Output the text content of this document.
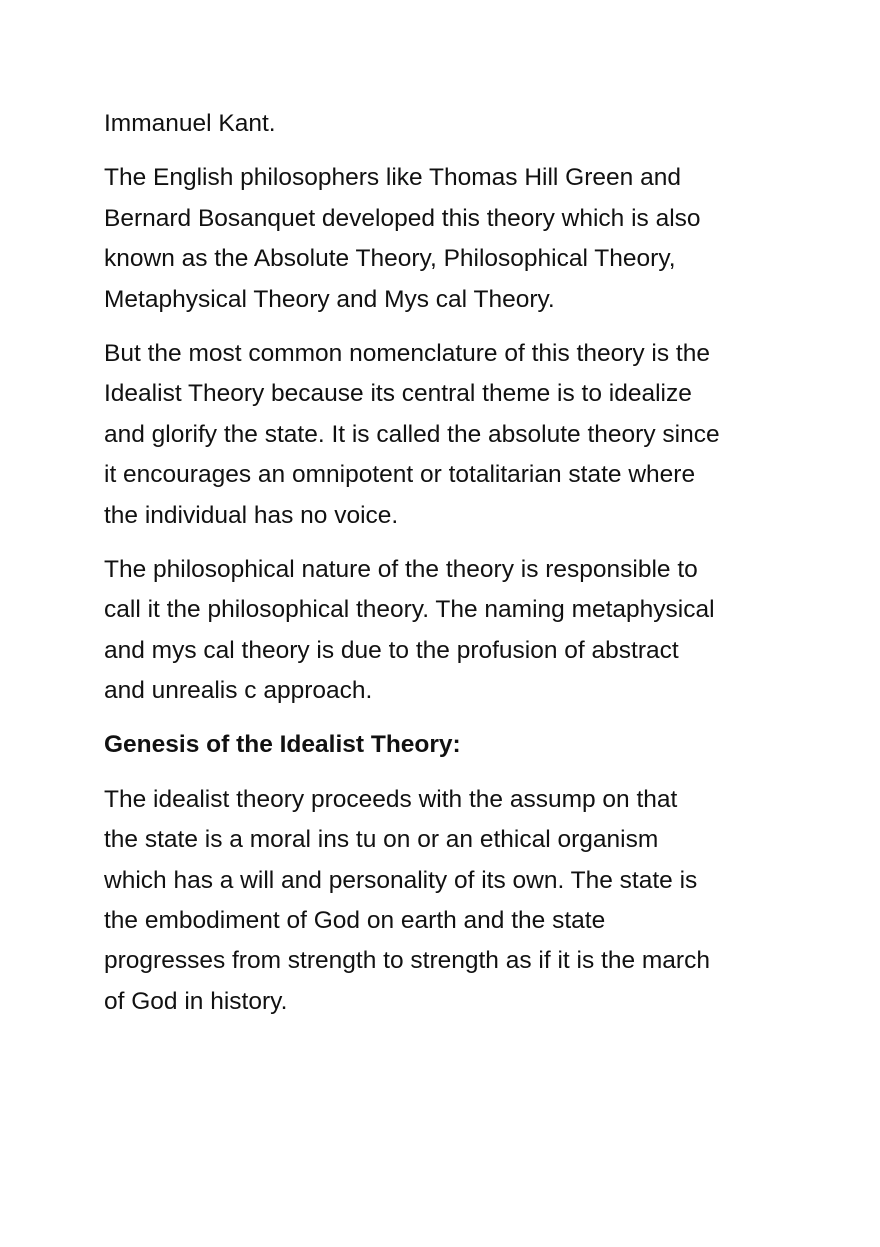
Immanuel Kant.

The English philosophers like Thomas Hill Green and
Bernard Bosanquet developed this theory which is also
known as the Absolute Theory, Philosophical Theory,
Metaphysical Theory and Mys cal Theory.

But the most common nomenclature of this theory is the
Idealist Theory because its central theme is to idealize
and glorify the state. It is called the absolute theory since
it encourages an omnipotent or totalitarian state where
the individual has no voice.

The philosophical nature of the theory is responsible to
call it the philosophical theory. The naming metaphysical
and mys cal theory is due to the profusion of abstract
and unrealis c approach.

Genesis of the Idealist Theory:

The idealist theory proceeds with the assump on that
the state is a moral ins tu on or an ethical organism
which has a will and personality of its own. The state is
the embodiment of God on earth and the state
progresses from strength to strength as if it is the march
of God in history.
